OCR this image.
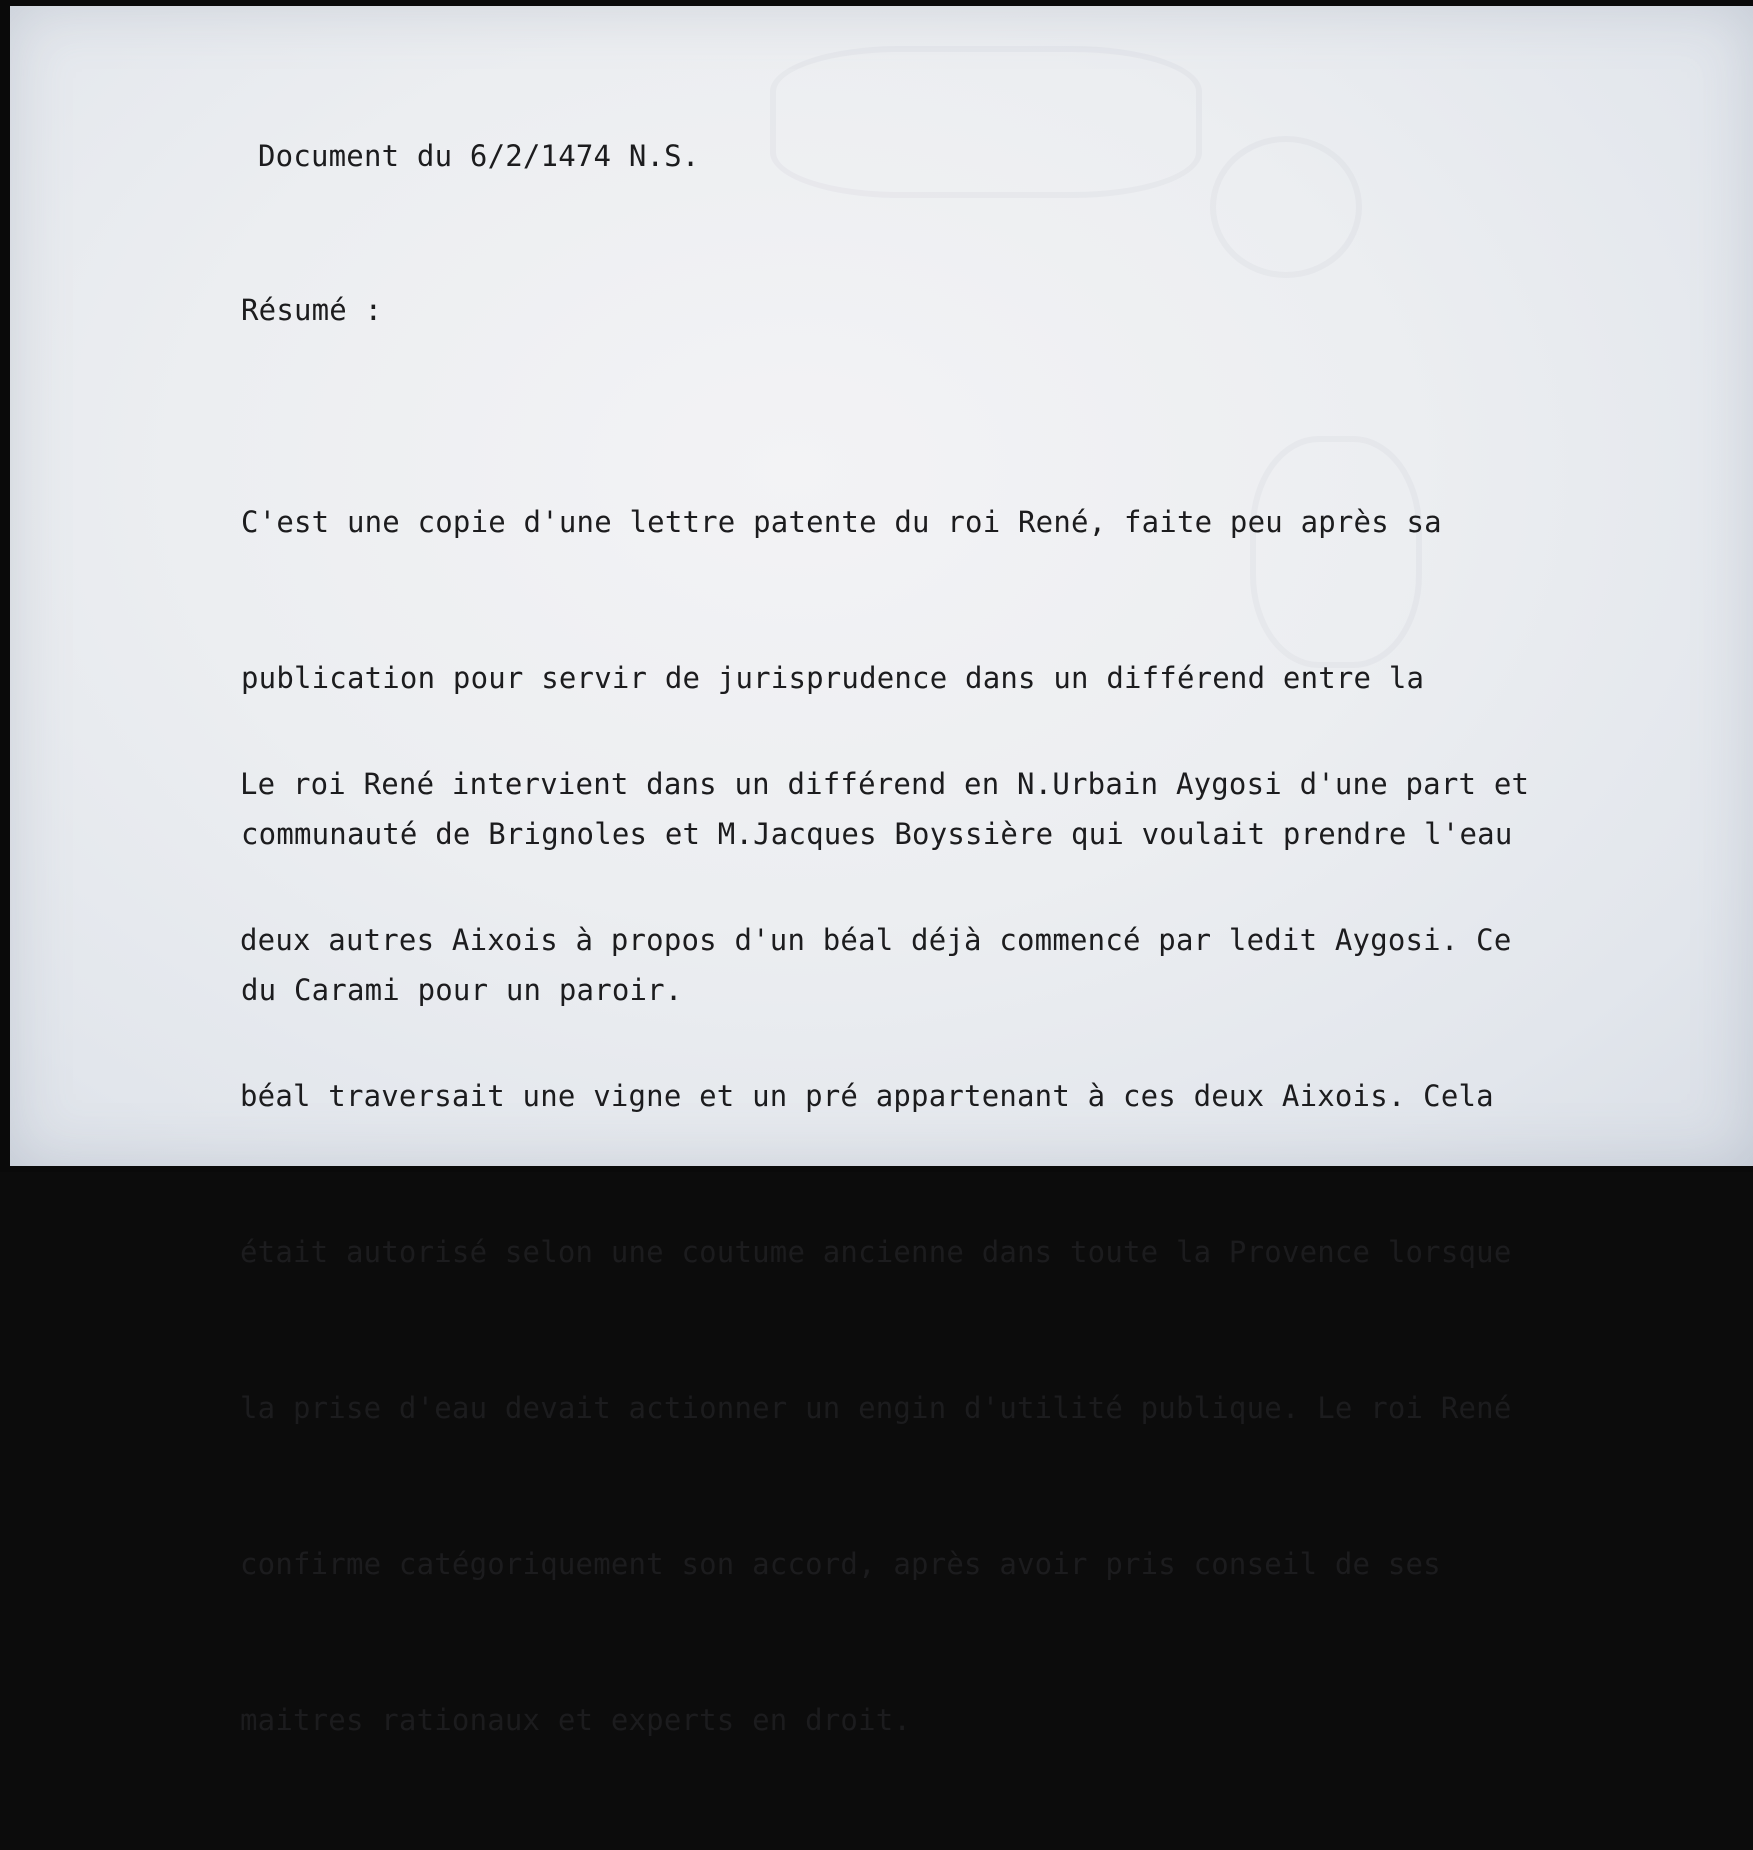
Document du 6/2/1474 N.S.
Résumé :

C'est une copie d'une lettre patente du roi René, faite peu après sa

publication pour servir de jurisprudence dans un différend entre la

communauté de Brignoles et M.Jacques Boyssière qui voulait prendre l'eau

du Carami pour un paroir.

Le roi René intervient dans un différend en N.Urbain Aygosi d'une part et

deux autres Aixois à propos d'un béal déjà commencé par ledit Aygosi. Ce

béal traversait une vigne et un pré appartenant à ces deux Aixois. Cela

était autorisé selon une coutume ancienne dans toute la Provence lorsque

la prise d'eau devait actionner un engin d'utilité publique. Le roi René

confirme catégoriquement son accord, après avoir pris conseil de ses

maitres rationaux et experts en droit.
